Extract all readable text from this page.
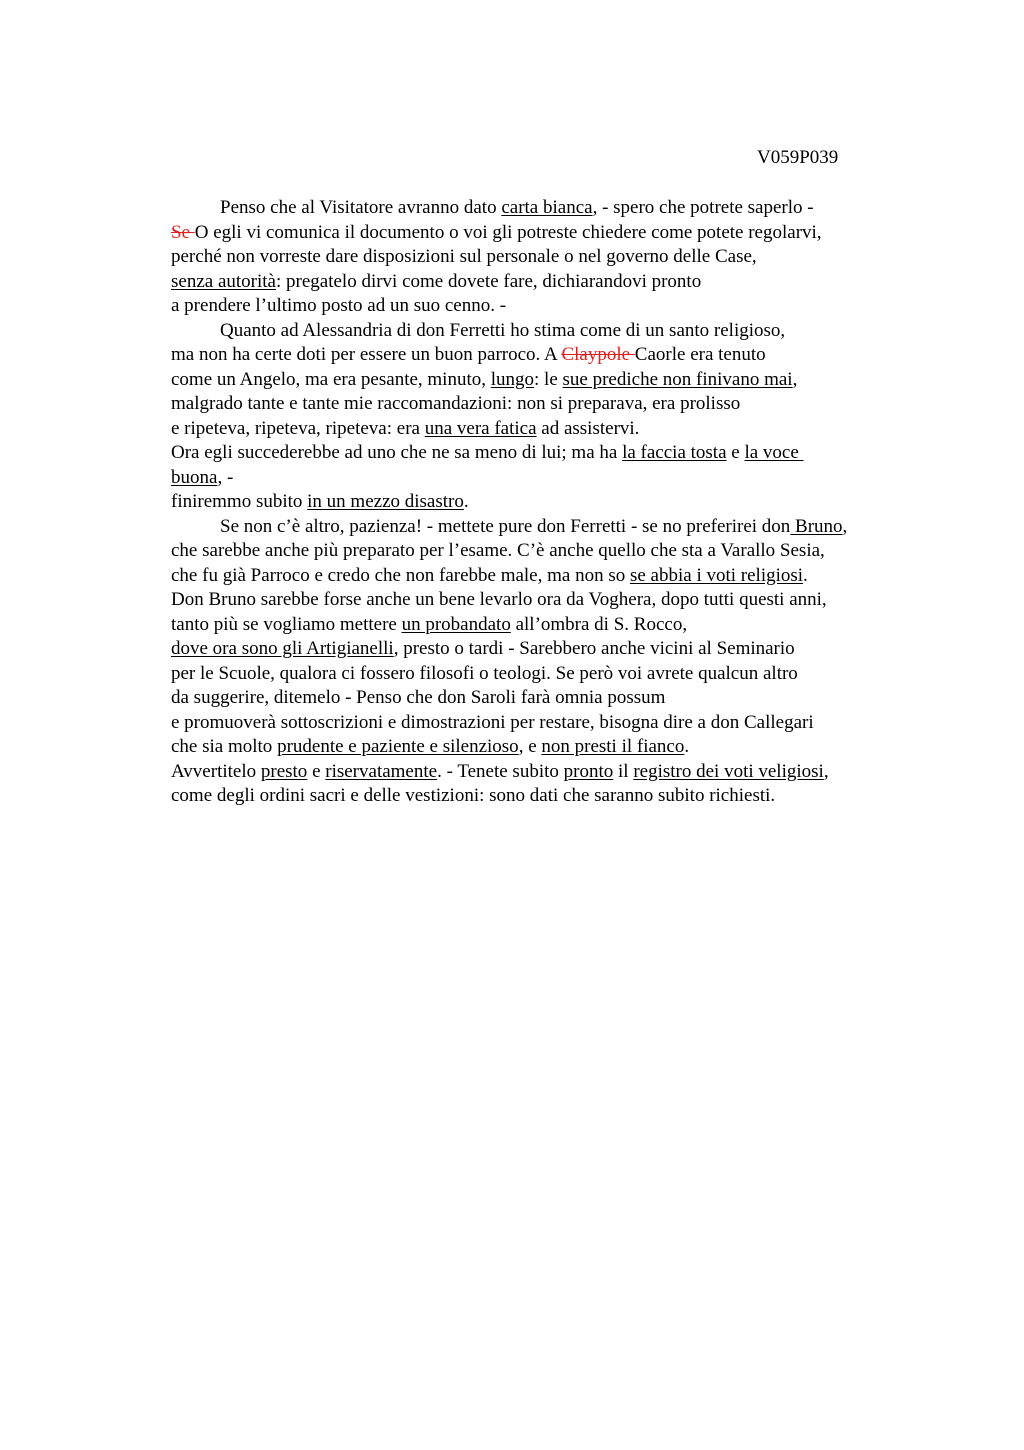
V059P039
Penso che al Visitatore avranno dato carta bianca, - spero che potrete saperlo -
Se O egli vi comunica il documento o voi gli potreste chiedere come potete regolarvi,
perché non vorreste dare disposizioni sul personale o nel governo delle Case,
senza autorità: pregatelo dirvi come dovete fare, dichiarandovi pronto
a prendere l’ultimo posto ad un suo cenno. -
Quanto ad Alessandria di don Ferretti ho stima come di un santo religioso,
ma non ha certe doti per essere un buon parroco. A Claypole Caorle era tenuto
come un Angelo, ma era pesante, minuto, lungo: le sue prediche non finivano mai,
malgrado tante e tante mie raccomandazioni: non si preparava, era prolisso
e ripeteva, ripeteva, ripeteva: era una vera fatica ad assistervi.
Ora egli succederebbe ad uno che ne sa meno di lui; ma ha la faccia tosta e la voce
buona, -
finiremmo subito in un mezzo disastro.
Se non c’è altro, pazienza! - mettete pure don Ferretti - se no preferirei don Bruno,
che sarebbe anche più preparato per l’esame. C’è anche quello che sta a Varallo Sesia,
che fu già Parroco e credo che non farebbe male, ma non so se abbia i voti religiosi.
Don Bruno sarebbe forse anche un bene levarlo ora da Voghera, dopo tutti questi anni,
tanto più se vogliamo mettere un probandato all’ombra di S. Rocco,
dove ora sono gli Artigianelli, presto o tardi - Sarebbero anche vicini al Seminario
per le Scuole, qualora ci fossero filosofi o teologi. Se però voi avrete qualcun altro
da suggerire, ditemelo - Penso che don Saroli farà omnia possum
e promuoverà sottoscrizioni e dimostrazioni per restare, bisogna dire a don Callegari
che sia molto prudente e paziente e silenzioso, e non presti il fianco.
Avvertitelo presto e riservatamente. - Tenete subito pronto il registro dei voti veligiosi,
come degli ordini sacri e delle vestizioni: sono dati che saranno subito richiesti.
